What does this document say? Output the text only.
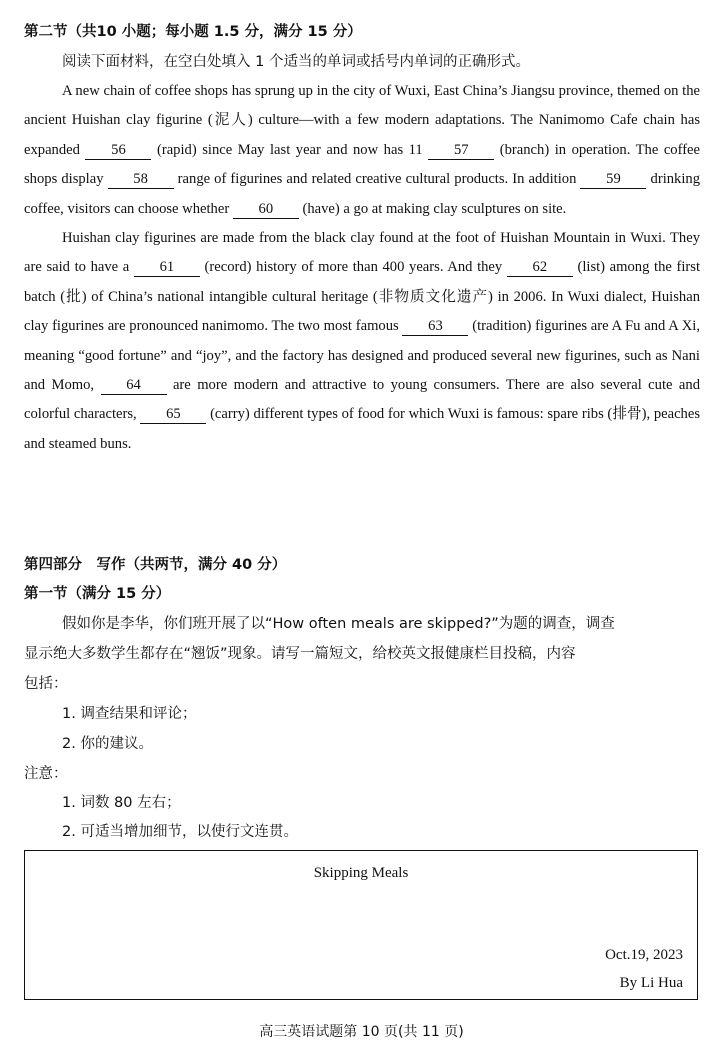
第二节（共10 小题；每小题 1.5 分，满分 15 分）
阅读下面材料，在空白处填入 1 个适当的单词或括号内单词的正确形式。

A new chain of coffee shops has sprung up in the city of Wuxi, East China’s Jiangsu province, themed on the ancient Huishan clay figurine (泥人) culture—with a few modern adaptations. The Nanimomo Cafe chain has expanded 56 (rapid) since May last year and now has 11 57 (branch) in operation. The coffee shops display 58 range of figurines and related creative cultural products. In addition 59 drinking coffee, visitors can choose whether 60 (have) a go at making clay sculptures on site.

Huishan clay figurines are made from the black clay found at the foot of Huishan Mountain in Wuxi. They are said to have a 61 (record) history of more than 400 years. And they 62 (list) among the first batch (批) of China’s national intangible cultural heritage (非物质文化遗产) in 2006. In Wuxi dialect, Huishan clay figurines are pronounced nanimomo. The two most famous 63 (tradition) figurines are A Fu and A Xi, meaning “good fortune” and “joy”, and the factory has designed and produced several new figurines, such as Nani and Momo, 64 are more modern and attractive to young consumers. There are also several cute and colorful characters, 65 (carry) different types of food for which Wuxi is famous: spare ribs (排骨), peaches and steamed buns.

第四部分　写作（共两节，满分 40 分）
第一节（满分 15 分）
假如你是李华，你们班开展了以“How often meals are skipped?”为题的调查，调查
显示绝大多数学生都存在“翘饭”现象。请写一篇短文，给校英文报健康栏目投稿，内容
包括：
1. 调查结果和评论；
2. 你的建议。
注意：
1. 词数 80 左右；
2. 可适当增加细节，以使行文连贯。
Skipping Meals
Oct.19, 2023
By Li Hua
高三英语试题第 10 页(共 11 页)
